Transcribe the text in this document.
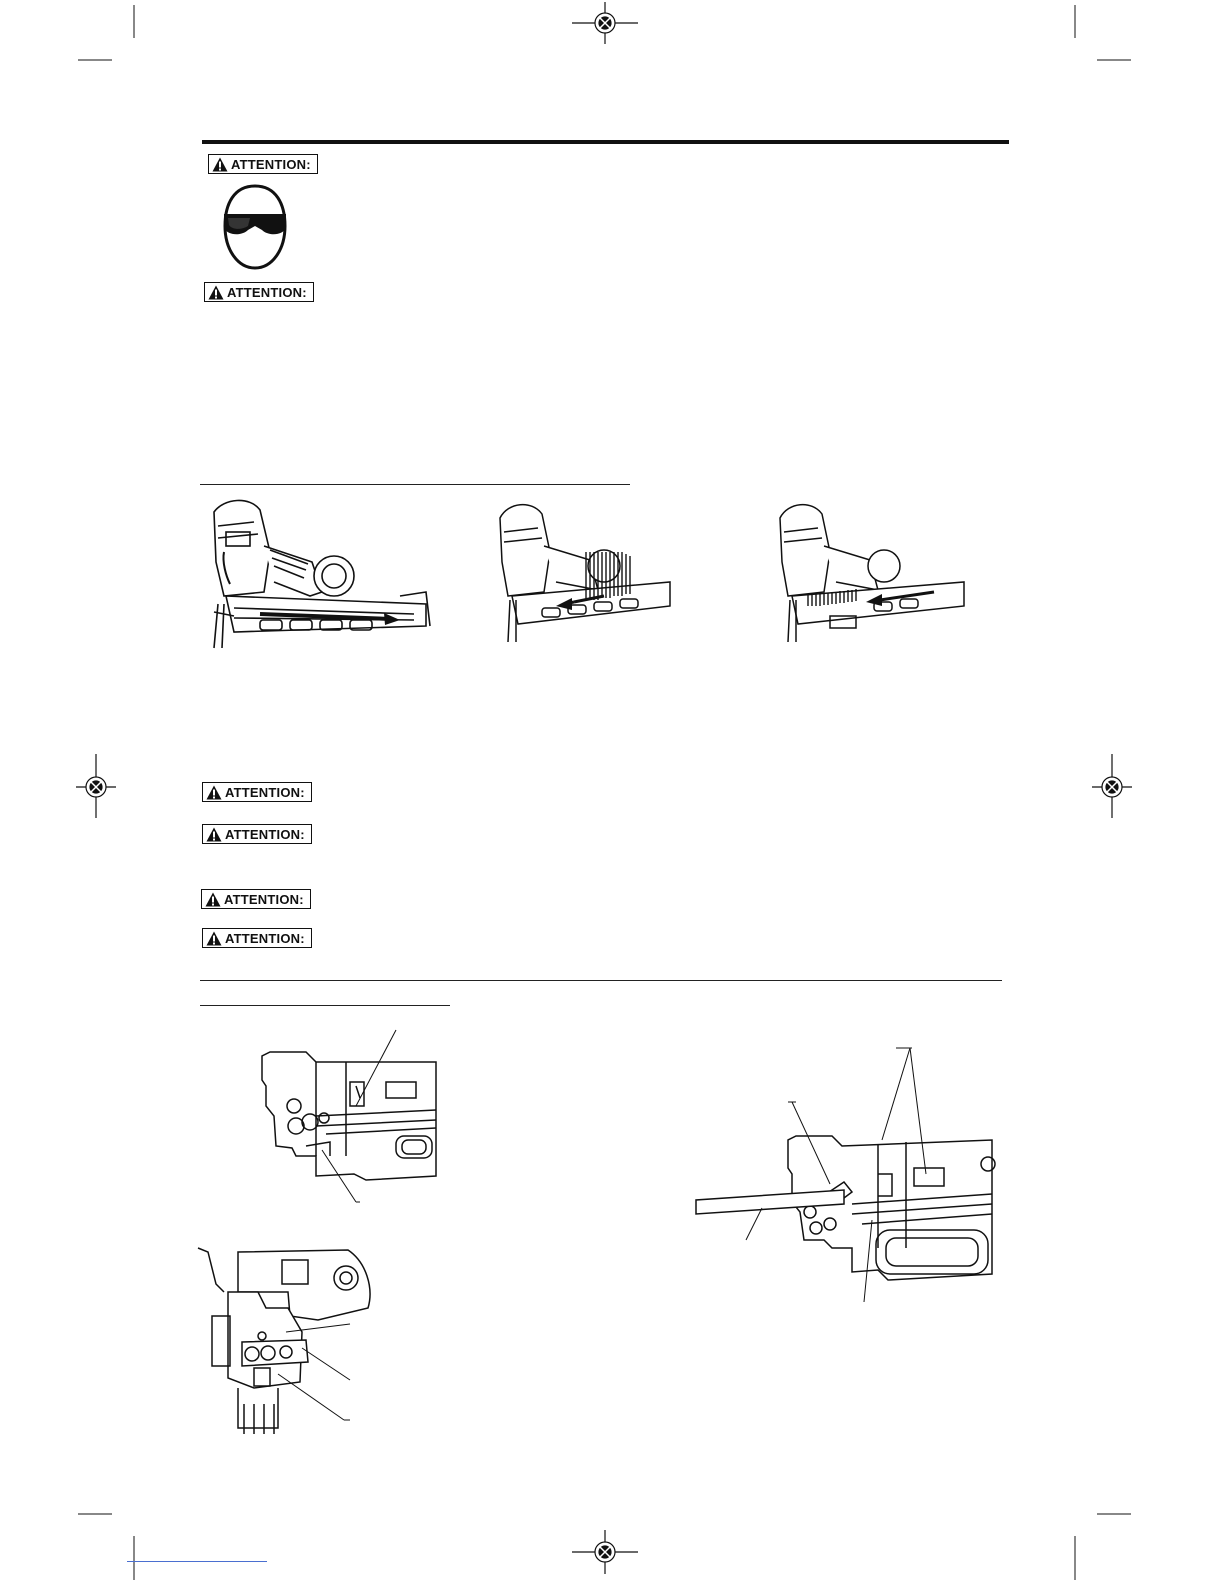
ATTENTION:
ATTENTION:
ATTENTION:
ATTENTION:
ATTENTION:
ATTENTION:
